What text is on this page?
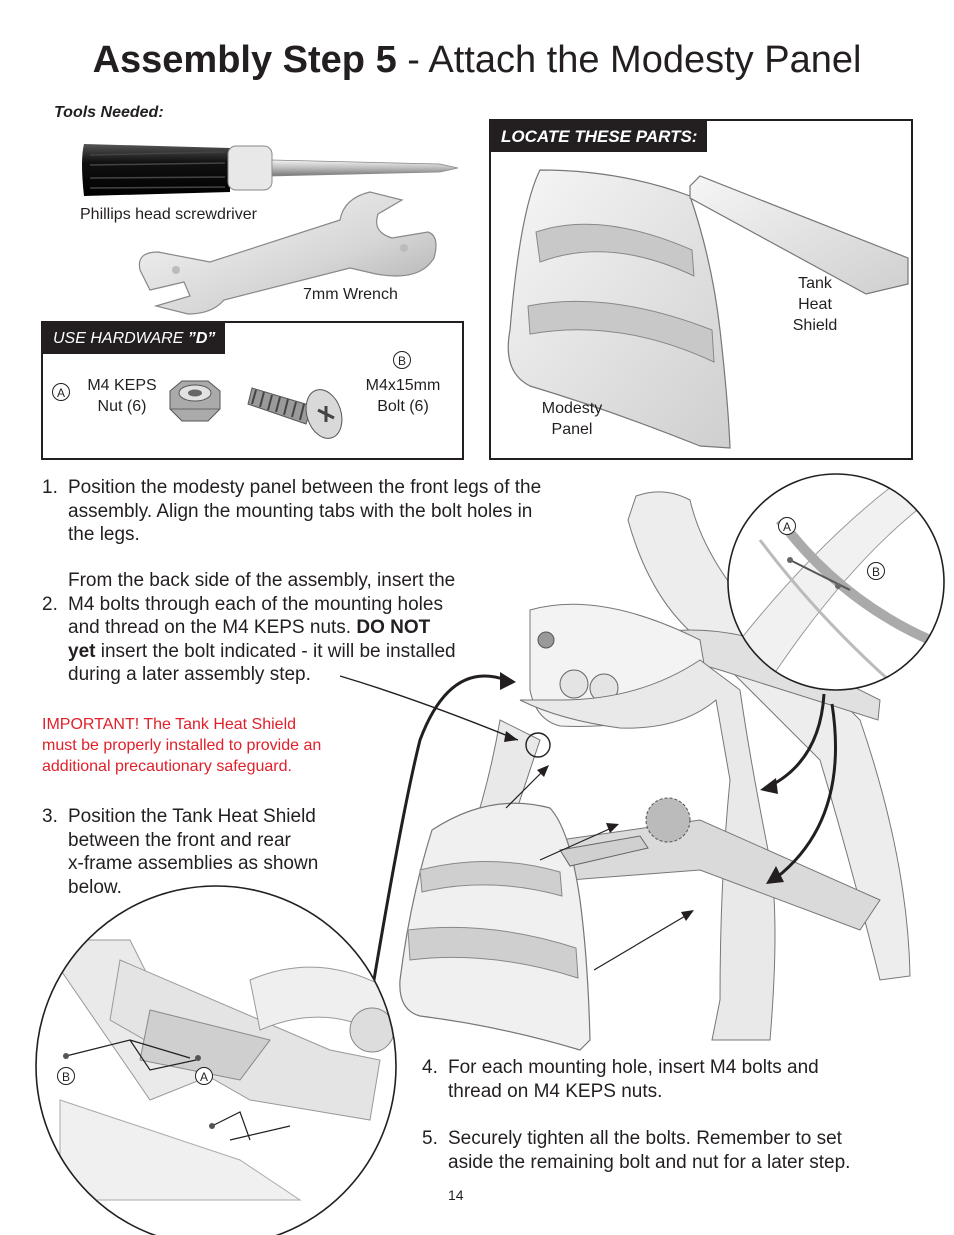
Assembly Step 5 - Attach the Modesty Panel
Tools Needed:
Phillips head screwdriver
7mm Wrench
USE HARDWARE ”D”
A	M4 KEPS
Nut (6)
B
M4x15mm
Bolt (6)
LOCATE THESE PARTS:
Tank
Heat
Shield
Modesty
Panel
A
B
B	A
1. Position the modesty panel between the front legs of the
assembly. Align the mounting tabs with the bolt holes in
the legs.
2.
From the back side of the assembly, insert the
M4 bolts through each of the mounting holes
and thread on the M4 KEPS nuts. DO NOT
yet insert the bolt indicated - it will be installed
during a later assembly step.
IMPORTANT! The Tank Heat Shield
must be properly installed to provide an
additional precautionary safeguard.
3. Position the Tank Heat Shield
between the front and rear
x-frame assemblies as shown
below.
4. For each mounting hole, insert M4 bolts and
thread on M4 KEPS nuts.
5. Securely tighten all the bolts. Remember to set
aside the remaining bolt and nut for a later step.
14
